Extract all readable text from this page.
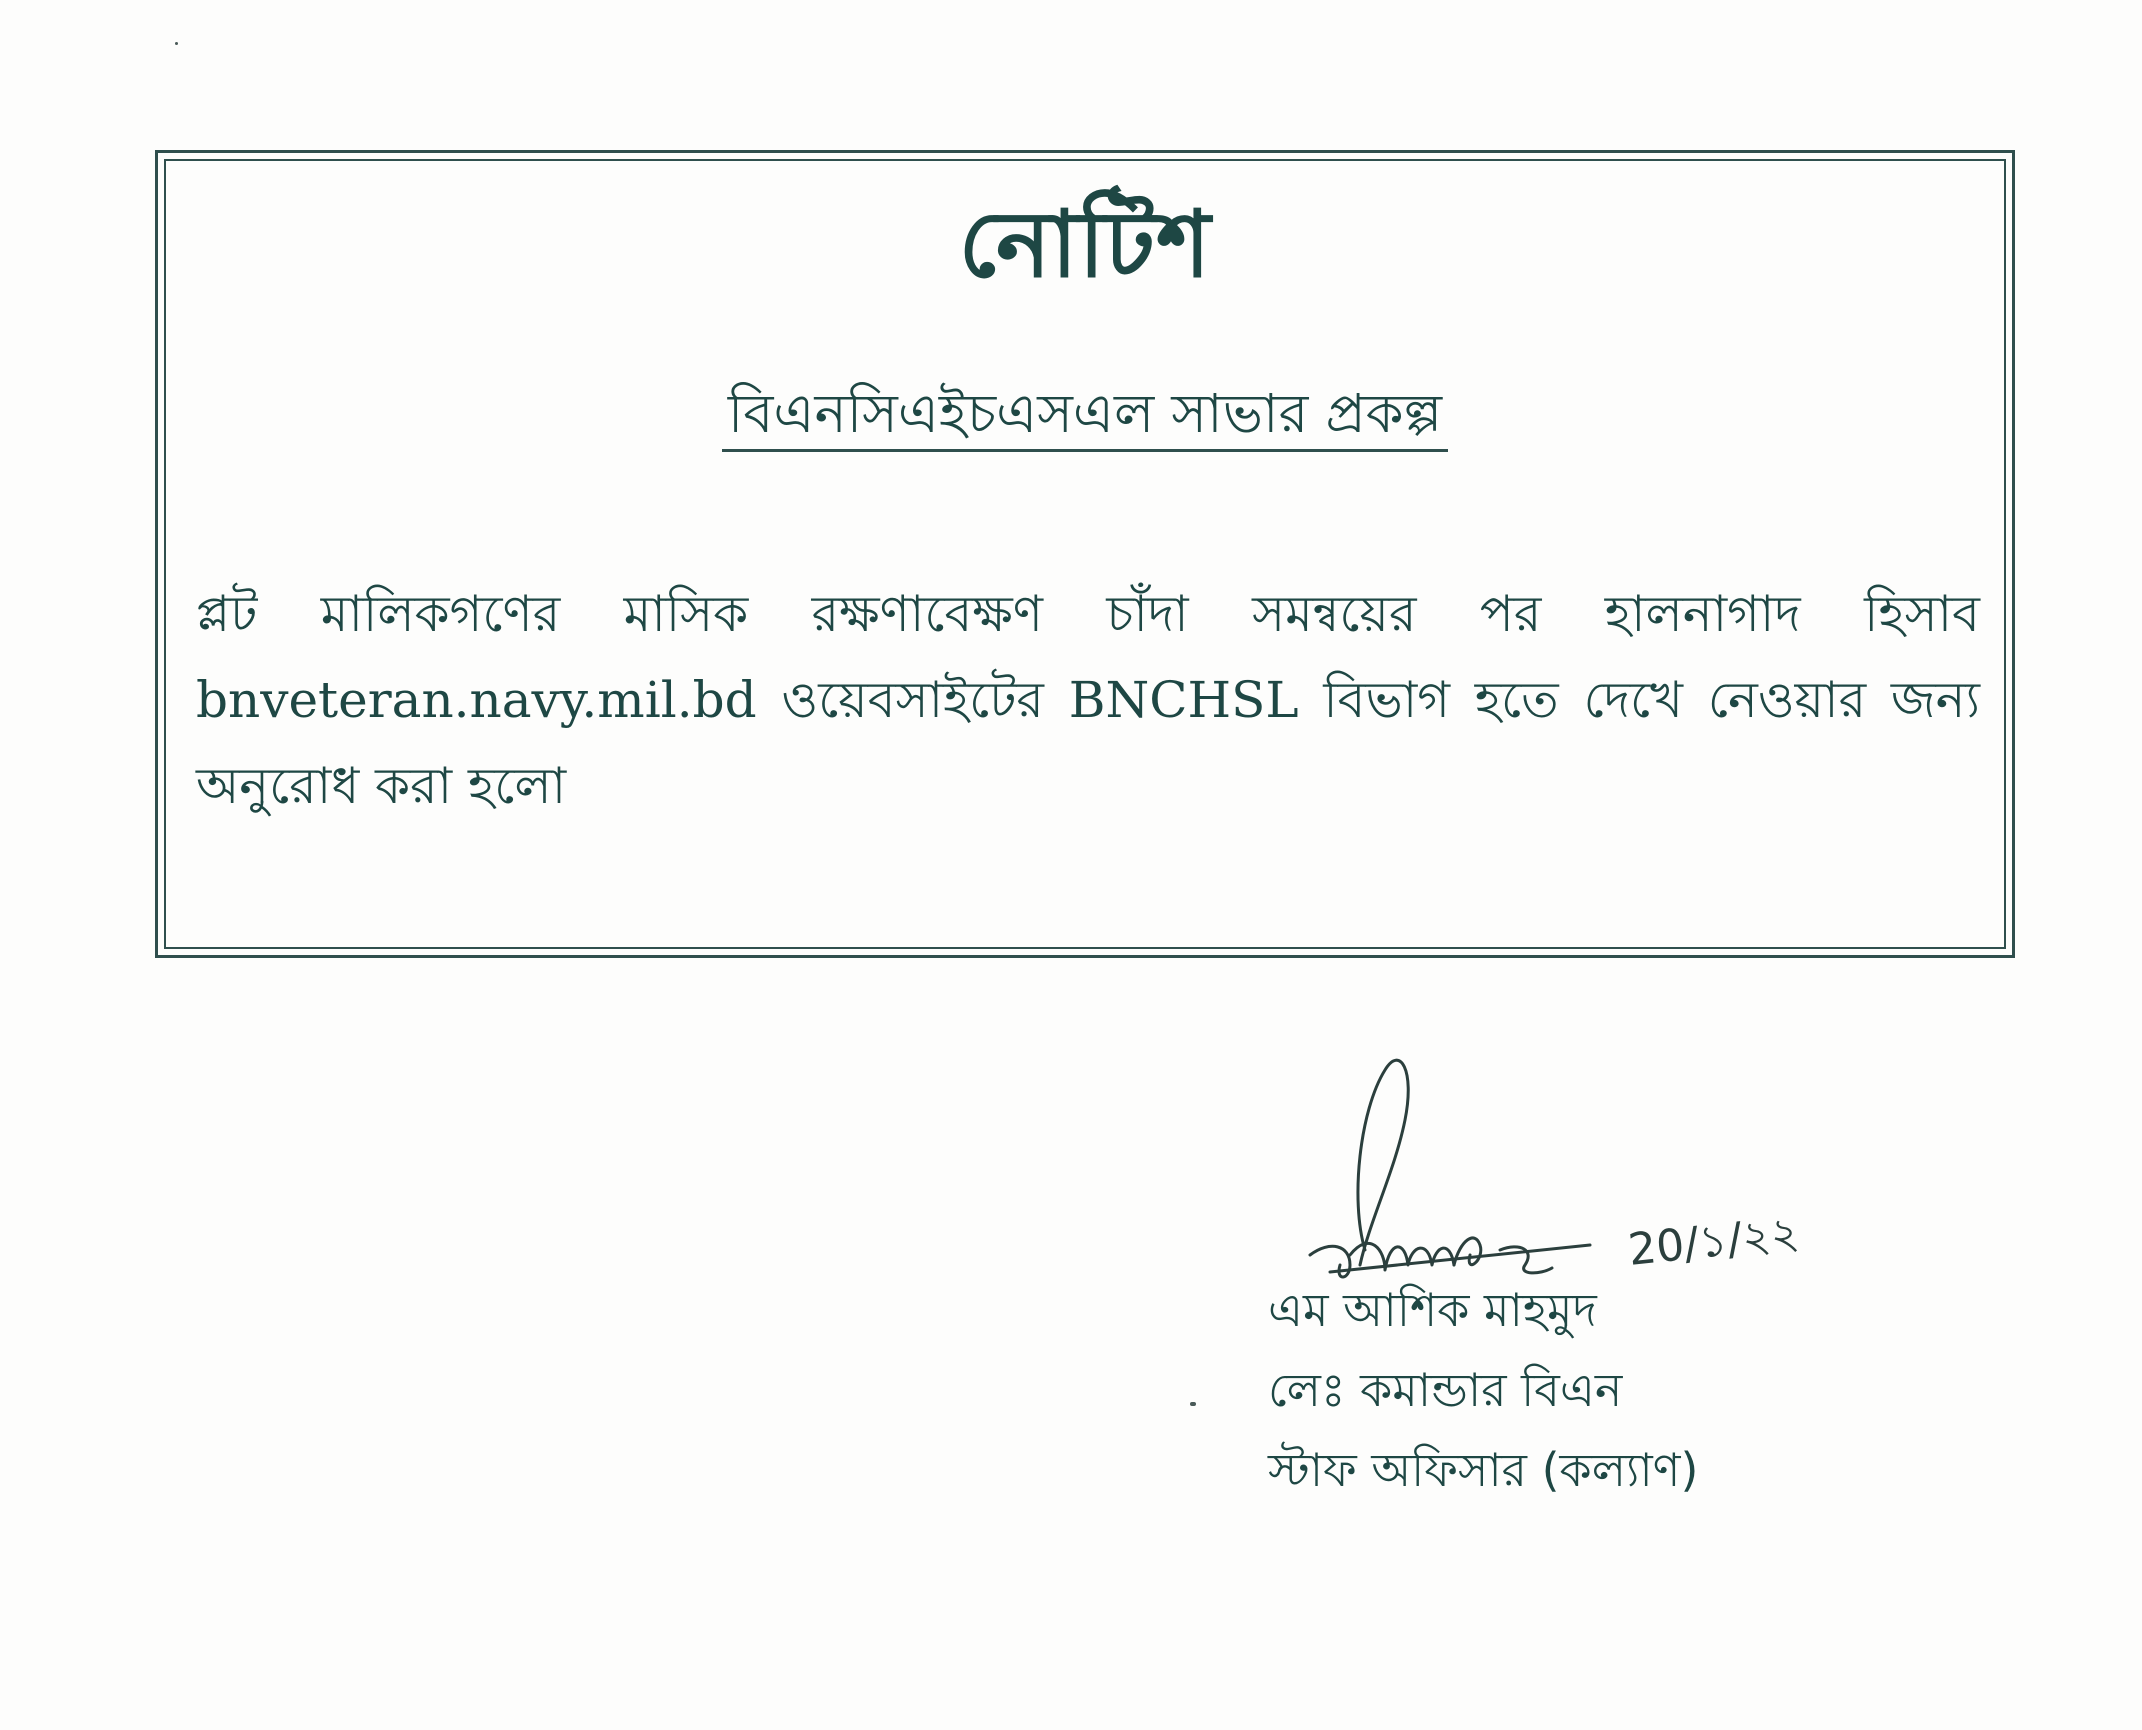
নোটিশ
বিএনসিএইচএসএল সাভার প্রকল্প
প্লট মালিকগণের মাসিক রক্ষণাবেক্ষণ চাঁদা সমন্বয়ের পর হালনাগাদ হিসাব bnveteran.navy.mil.bd ওয়েবসাইটের BNCHSL বিভাগ হতে দেখে নেওয়ার জন্য অনুরোধ করা হলো
20/১/২২
এম আশিক মাহমুদ
লেঃ কমান্ডার বিএন
স্টাফ অফিসার (কল্যাণ)
